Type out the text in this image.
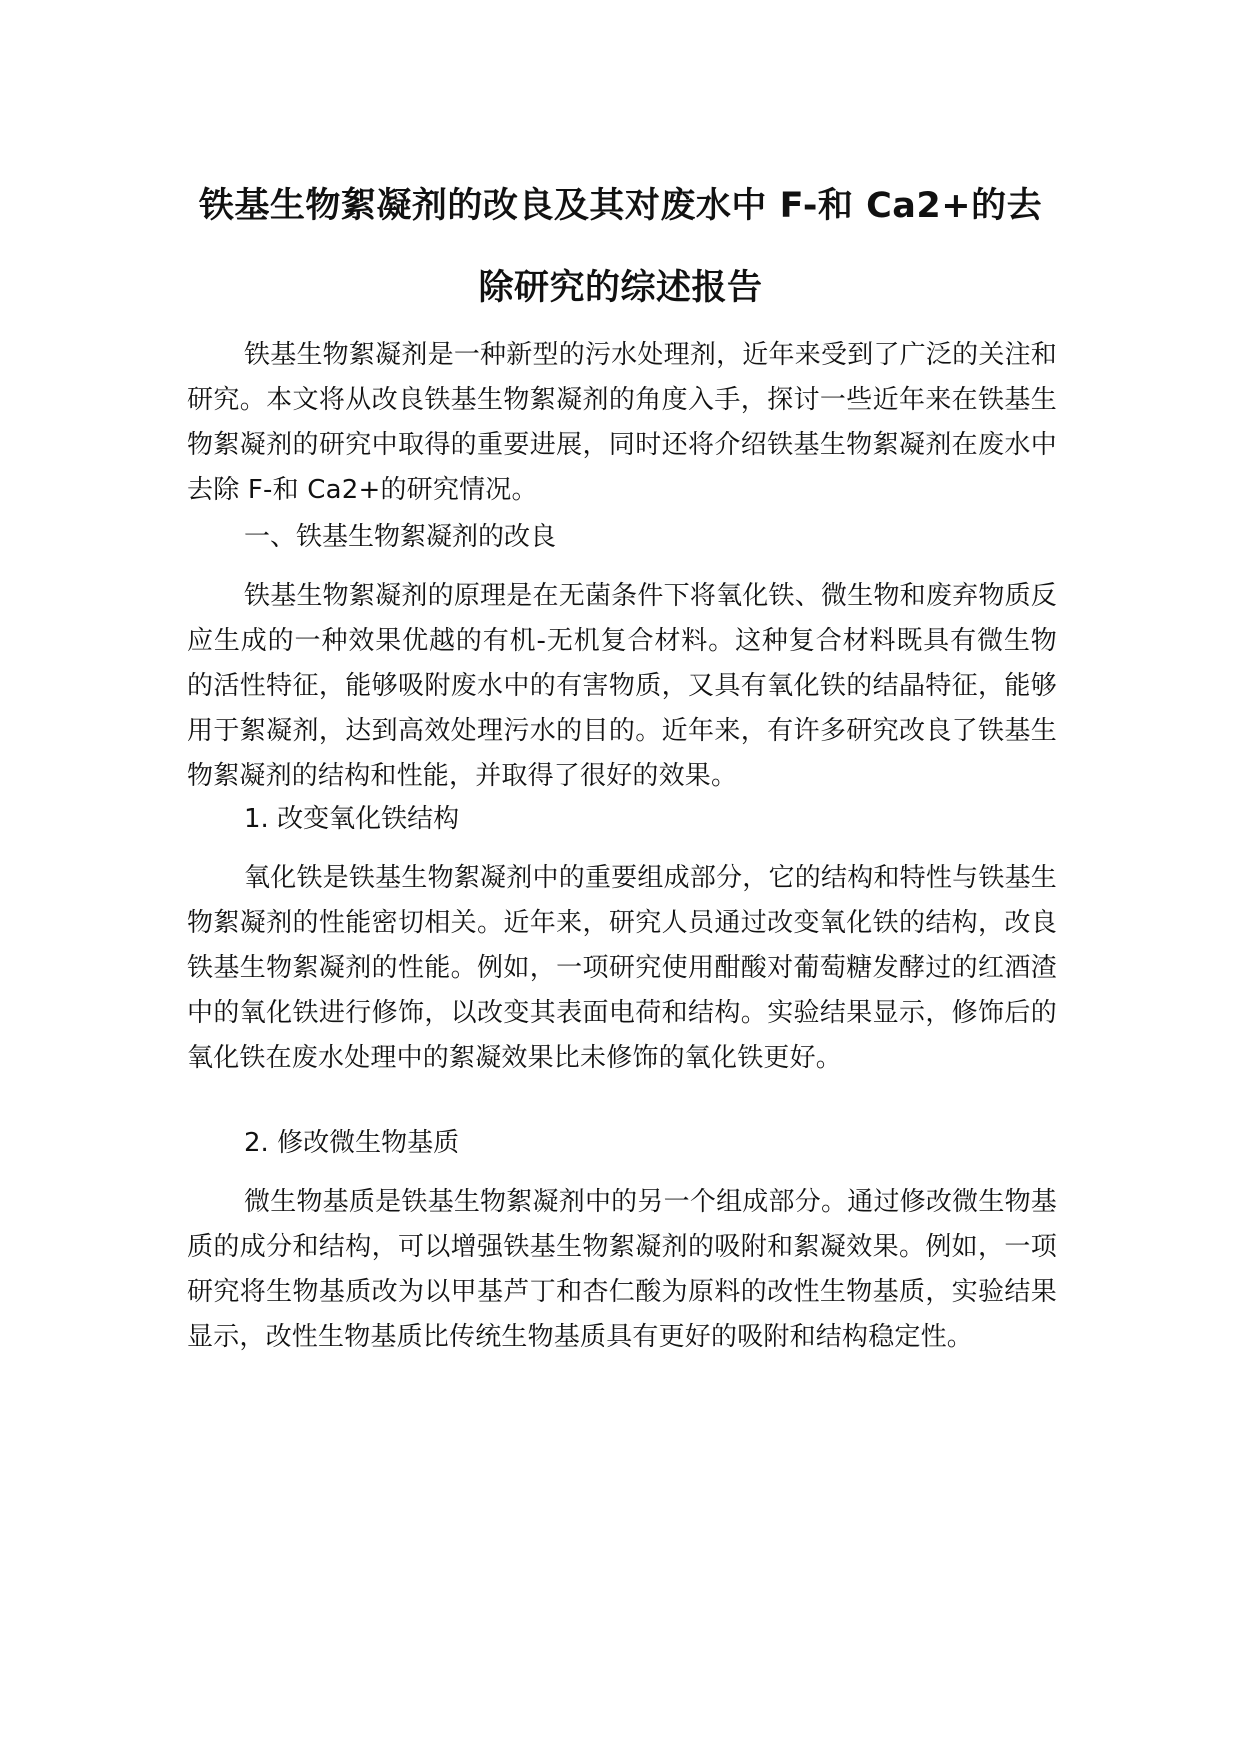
铁基生物絮凝剂的改良及其对废水中 F-和 Ca2+的去
除研究的综述报告

铁基生物絮凝剂是一种新型的污水处理剂，近年来受到了广泛的关注和研究。本文将从改良铁基生物絮凝剂的角度入手，探讨一些近年来在铁基生物絮凝剂的研究中取得的重要进展，同时还将介绍铁基生物絮凝剂在废水中去除 F-和 Ca2+的研究情况。

一、铁基生物絮凝剂的改良

铁基生物絮凝剂的原理是在无菌条件下将氧化铁、微生物和废弃物质反应生成的一种效果优越的有机-无机复合材料。这种复合材料既具有微生物的活性特征，能够吸附废水中的有害物质，又具有氧化铁的结晶特征，能够用于絮凝剂，达到高效处理污水的目的。近年来，有许多研究改良了铁基生物絮凝剂的结构和性能，并取得了很好的效果。

1. 改变氧化铁结构

氧化铁是铁基生物絮凝剂中的重要组成部分，它的结构和特性与铁基生物絮凝剂的性能密切相关。近年来，研究人员通过改变氧化铁的结构，改良铁基生物絮凝剂的性能。例如，一项研究使用酣酸对葡萄糖发酵过的红酒渣中的氧化铁进行修饰，以改变其表面电荷和结构。实验结果显示，修饰后的氧化铁在废水处理中的絮凝效果比未修饰的氧化铁更好。

2. 修改微生物基质

微生物基质是铁基生物絮凝剂中的另一个组成部分。通过修改微生物基质的成分和结构，可以增强铁基生物絮凝剂的吸附和絮凝效果。例如，一项研究将生物基质改为以甲基芦丁和杏仁酸为原料的改性生物基质，实验结果显示，改性生物基质比传统生物基质具有更好的吸附和结构稳定性。
